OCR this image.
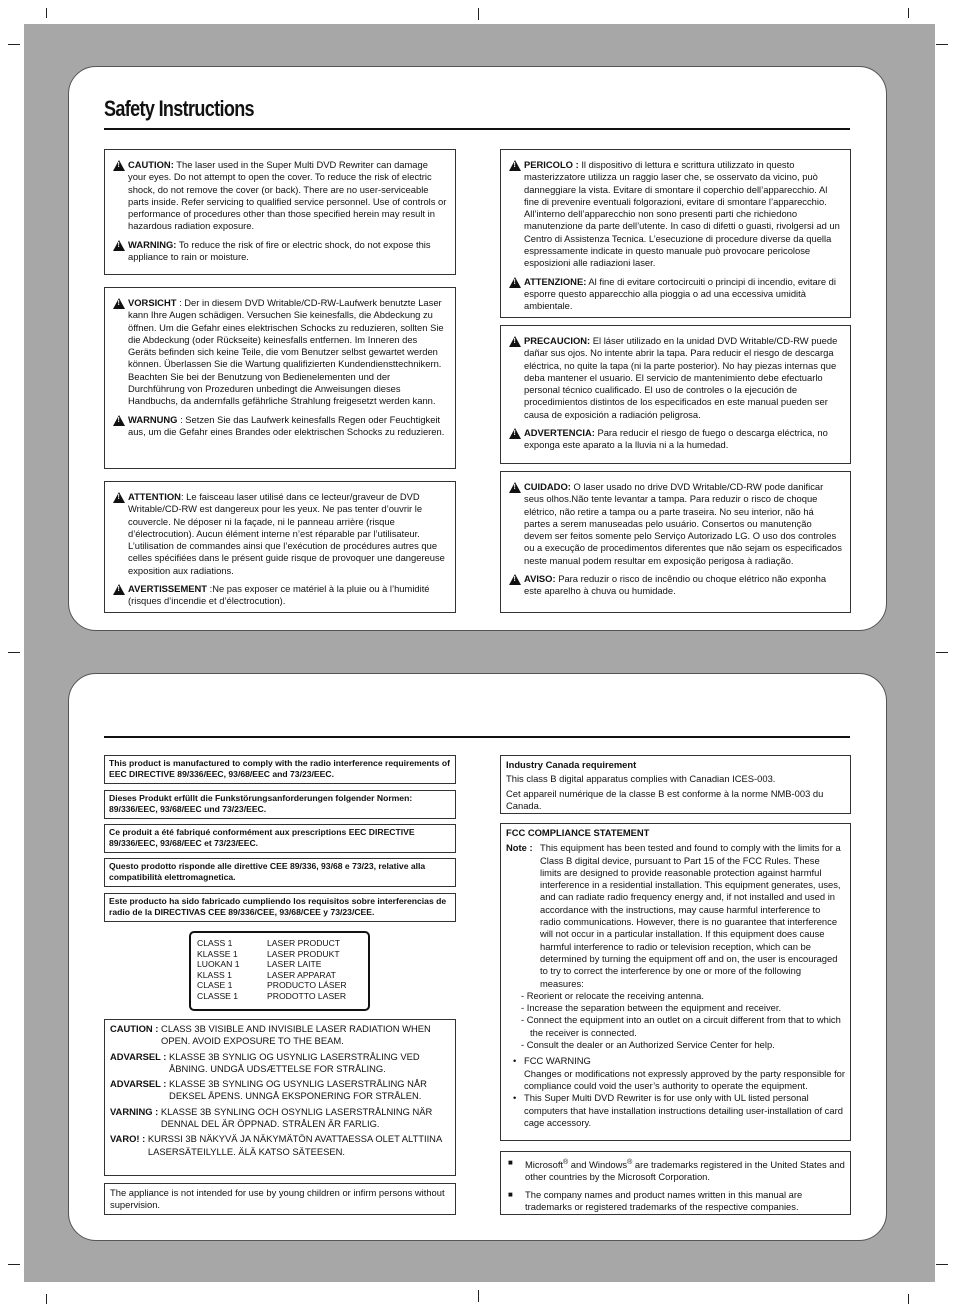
Safety Instructions
!
CAUTION: The laser used in the Super Multi DVD Rewriter can damage your eyes. Do not attempt to open the cover. To reduce the risk of electric shock, do not remove the cover (or back). There are no user-serviceable parts inside. Refer servicing to qualified service personnel. Use of controls or performance of procedures other than those specified herein may result in hazardous radiation exposure.
!
WARNING: To reduce the risk of fire or electric shock, do not expose this appliance to rain or moisture.
!
VORSICHT : Der in diesem DVD Writable/CD-RW-Laufwerk benutzte Laser kann Ihre Augen schädigen. Versuchen Sie keinesfalls, die Abdeckung zu öffnen. Um die Gefahr eines elektrischen Schocks zu reduzieren, sollten Sie die Abdeckung (oder Rückseite) keinesfalls entfernen. Im Inneren des Geräts befinden sich keine Teile, die vom Benutzer selbst gewartet werden können. Überlassen Sie die Wartung qualifizierten Kundendiensttechnikern. Beachten Sie bei der Benutzung von Bedienelementen und der Durchführung von Prozeduren unbedingt die Anweisungen dieses Handbuchs, da andernfalls gefährliche Strahlung freigesetzt werden kann.
!
WARNUNG : Setzen Sie das Laufwerk keinesfalls Regen oder Feuchtigkeit aus, um die Gefahr eines Brandes oder elektrischen Schocks zu reduzieren.
!
ATTENTION: Le faisceau laser utilisé dans ce lecteur/graveur de DVD Writable/CD-RW est dangereux pour les yeux. Ne pas tenter d’ouvrir le couvercle. Ne déposer ni la façade, ni le panneau arrière (risque d’électrocution). Aucun élément interne n’est réparable par l’utilisateur. L’utilisation de commandes ainsi que l’exécution de procédures autres que celles spécifiées dans le présent guide risque de provoquer une dangereuse exposition aux radiations.
!
AVERTISSEMENT :Ne pas exposer ce matériel à la pluie ou à l’humidité (risques d’incendie et d’électrocution).
!
PERICOLO : Il dispositivo di lettura e scrittura utilizzato in questo masterizzatore utilizza un raggio laser che, se osservato da vicino, può danneggiare la vista. Evitare di smontare il coperchio dell’apparecchio. Al fine di prevenire eventuali folgorazioni, evitare di smontare l’apparecchio. All’interno dell’apparecchio non sono presenti parti che richiedono manutenzione da parte dell’utente. In caso di difetti o guasti, rivolgersi ad un Centro di Assistenza Tecnica. L’esecuzione di procedure diverse da quella espressamente indicate in questo manuale può provocare pericolose esposizioni alle radiazioni laser.
!
ATTENZIONE: Al fine di evitare cortocircuiti o principi di incendio, evitare di esporre questo apparecchio alla pioggia o ad una eccessiva umidità ambientale.
!
PRECAUCION: El láser utilizado en la unidad DVD Writable/CD-RW puede dañar sus ojos. No intente abrir la tapa. Para reducir el riesgo de descarga eléctrica, no quite la tapa (ni la parte posterior). No hay piezas internas que deba mantener el usuario. El servicio de mantenimiento debe efectuarlo personal técnico cualificado. El uso de controles o la ejecución de procedimientos distintos de los especificados en este manual pueden ser causa de exposición a radiación peligrosa.
!
ADVERTENCIA: Para reducir el riesgo de fuego o descarga eléctrica, no exponga este aparato a la lluvia ni a la humedad.
!
CUIDADO: O laser usado no drive DVD Writable/CD-RW pode danificar seus olhos.Não tente levantar a tampa. Para reduzir o risco de choque elétrico, não retire a tampa ou a parte traseira. No seu interior, não há partes a serem manuseadas pelo usuário. Consertos ou manutenção devem ser feitos somente pelo Serviço Autorizado LG. O uso dos controles ou a execução de procedimentos diferentes que não sejam os especificados neste manual podem resultar em exposição perigosa à radiação.
!
AVISO: Para reduzir o risco de incêndio ou choque elétrico não exponha este aparelho à chuva ou humidade.
This product is manufactured to comply with the radio interference requirements of EEC DIRECTIVE 89/336/EEC, 93/68/EEC and 73/23/EEC.
Dieses Produkt erfüllt die Funkstörungsanforderungen folgender Normen: 89/336/EEC, 93/68/EEC und 73/23/EEC.
Ce produit a été fabriqué conformément aux prescriptions EEC DIRECTIVE 89/336/EEC, 93/68/EEC et 73/23/EEC.
Questo prodotto risponde alle direttive CEE 89/336, 93/68 e 73/23, relative alla compatibilità elettromagnetica.
Este producto ha sido fabricado cumpliendo los requisitos sobre interferencias de radio de la DIRECTIVAS CEE 89/336/CEE, 93/68/CEE y 73/23/CEE.
CLASS 1	LASER PRODUCT
KLASSE 1	LASER PRODUKT
LUOKAN 1	LASER LAITE
KLASS 1	LASER APPARAT
CLASE 1	PRODUCTO LÁSER
CLASSE 1	PRODOTTO LASER
CAUTION :
CLASS 3B VISIBLE AND INVISIBLE LASER RADIATION WHEN OPEN. AVOID EXPOSURE TO THE BEAM.
ADVARSEL :
KLASSE 3B SYNLIG OG USYNLIG LASERSTRÅLING VED ÅBNING. UNDGÅ UDSÆTTELSE FOR STRÅLING.
ADVARSEL :
KLASSE 3B SYNLING OG USYNLIG LASERSTRÅLING NÅR DEKSEL ÅPENS. UNNGÅ EKSPONERING FOR STRÅLEN.
VARNING :
KLASSE 3B SYNLING OCH OSYNLIG LASERSTRÅLNING NÄR DENNAL DEL ÄR ÖPPNAD. STRÅLEN ÄR FARLIG.
VARO! :
KURSSI 3B NÄKYVÄ JA NÄKYMÄTÖN AVATTAESSA OLET ALTTIINA LASERSÄTEILYLLE. ÄLÄ KATSO SÄTEESEN.
The appliance is not intended for use by young children or infirm persons without supervision.
Industry Canada requirement
This class B digital apparatus complies with Canadian ICES-003.
Cet appareil numérique de la classe B est conforme à la norme NMB-003 du Canada.
FCC COMPLIANCE STATEMENT
Note : This equipment has been tested and found to comply with the limits for a Class B digital device, pursuant to Part 15 of the FCC Rules. These limits are designed to provide reasonable protection against harmful interference in a residential installation. This equipment generates, uses, and can radiate radio frequency energy and, if not installed and used in accordance with the instructions, may cause harmful interference to radio communications. However, there is no guarantee that interference will not occur in a particular installation. If this equipment does cause harmful interference to radio or television reception, which can be determined by turning the equipment off and on, the user is encouraged to try to correct the interference by one or more of the following measures:
- Reorient or relocate the receiving antenna.
- Increase the separation between the equipment and receiver.
- Connect the equipment into an outlet on a circuit different from that to which the receiver is connected.
- Consult the dealer or an Authorized Service Center for help.
• FCC WARNING
Changes or modifications not expressly approved by the party responsible for compliance could void the user’s authority to operate the equipment.
• This Super Multi DVD Rewriter is for use only with UL listed personal computers that have installation instructions detailing user-installation of card cage accessory.
■ Microsoft® and Windows® are trademarks registered in the United States and other countries by the Microsoft Corporation.
■ The company names and product names written in this manual are trademarks or registered trademarks of the respective companies.
